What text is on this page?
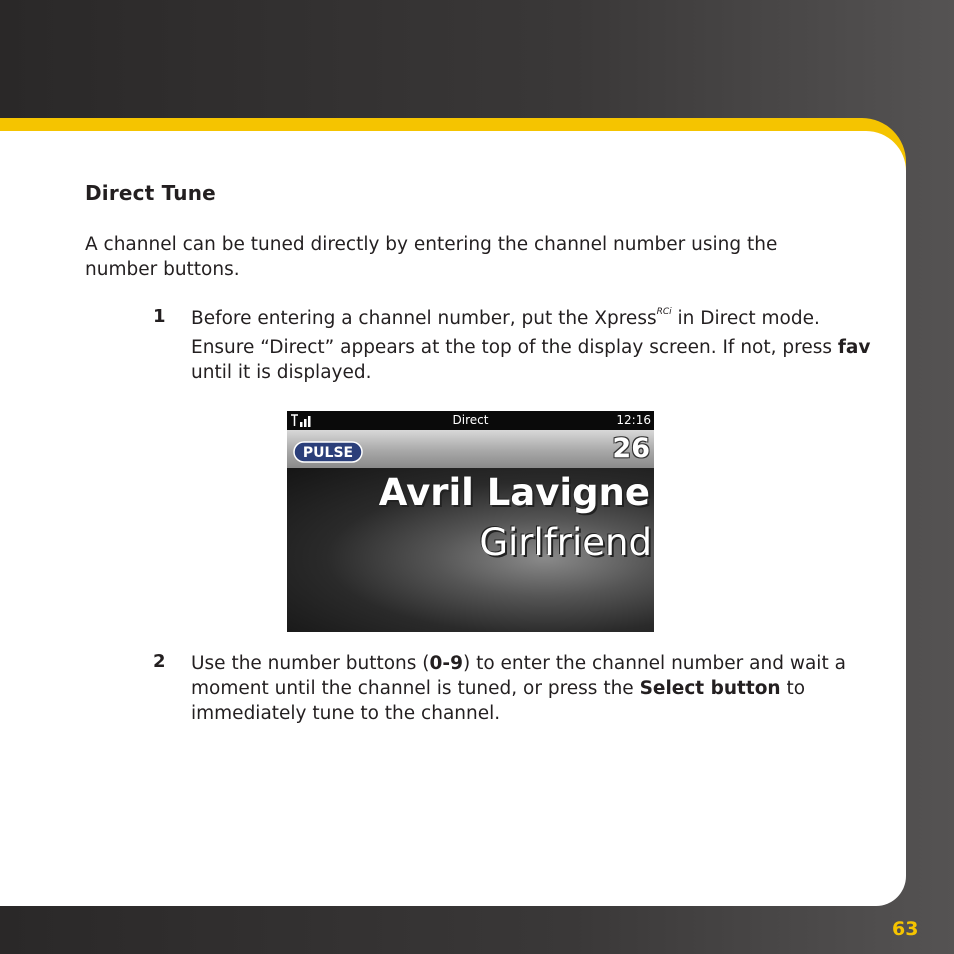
Direct Tune

A channel can be tuned directly by entering the channel number using the number buttons.

1 Before entering a channel number, put the Xpress$^{RCi}$ in Direct mode. Ensure “Direct” appears at the top of the display screen. If not, press fav until it is displayed.

Direct	12:16
PULSE	26
Avril Lavigne
Girlfriend
2 Use the number buttons (0-9) to enter the channel number and wait a moment until the channel is tuned, or press the Select button to immediately tune to the channel.

63
